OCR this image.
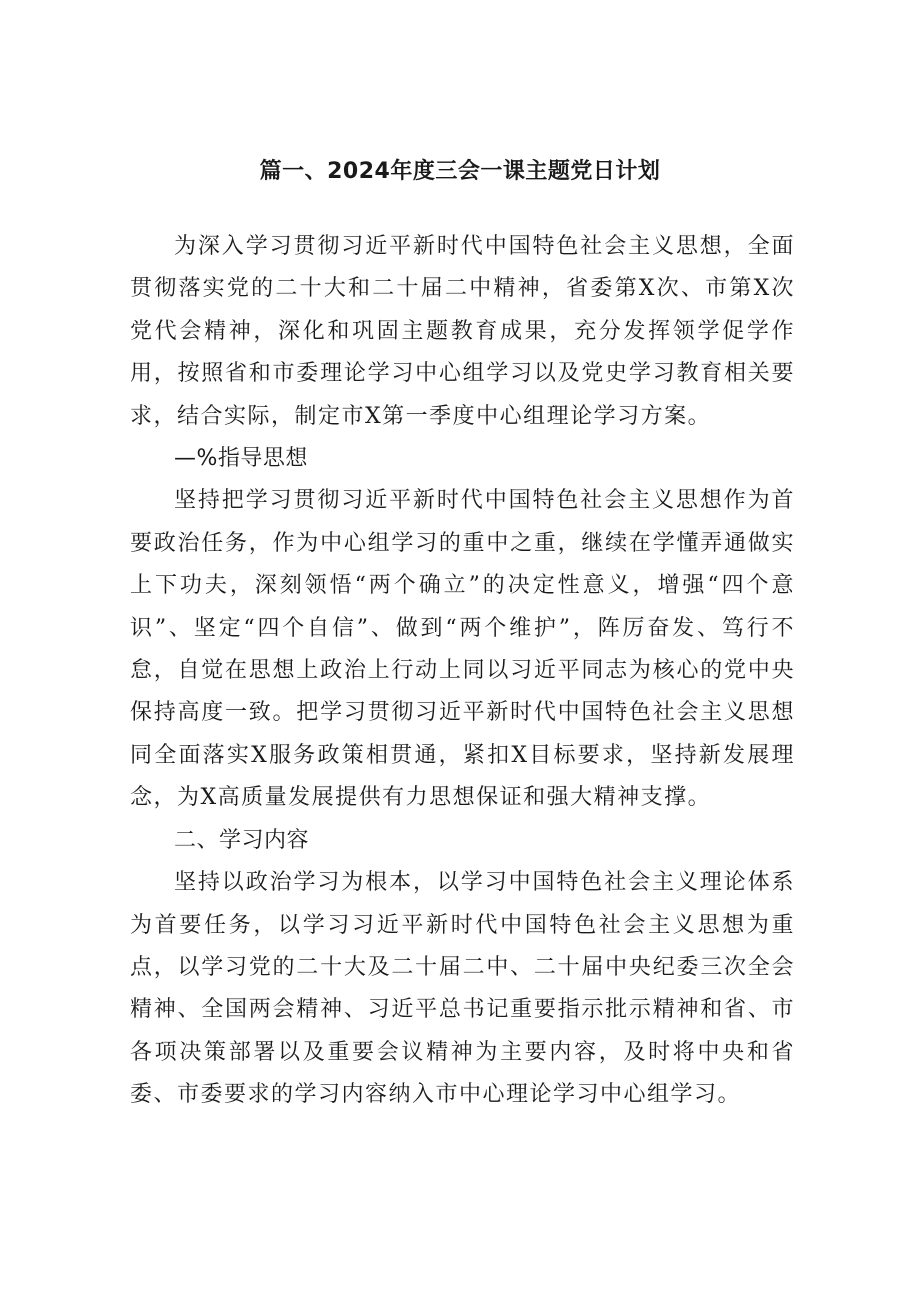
篇一、2024年度三会一课主题党日计划

为深入学习贯彻习近平新时代中国特色社会主义思想，全面贯彻落实党的二十大和二十届二中精神，省委第X次、市第X次党代会精神，深化和巩固主题教育成果，充分发挥领学促学作用，按照省和市委理论学习中心组学习以及党史学习教育相关要求，结合实际，制定市X第一季度中心组理论学习方案。

—%指导思想

坚持把学习贯彻习近平新时代中国特色社会主义思想作为首要政治任务，作为中心组学习的重中之重，继续在学懂弄通做实上下功夫，深刻领悟“两个确立”的决定性意义，增强“四个意识”、坚定“四个自信”、做到“两个维护”，阵厉奋发、笃行不怠，自觉在思想上政治上行动上同以习近平同志为核心的党中央保持高度一致。把学习贯彻习近平新时代中国特色社会主义思想同全面落实X服务政策相贯通，紧扣X目标要求，坚持新发展理念，为X高质量发展提供有力思想保证和强大精神支撑。

二、学习内容

坚持以政治学习为根本，以学习中国特色社会主义理论体系为首要任务，以学习习近平新时代中国特色社会主义思想为重点，以学习党的二十大及二十届二中、二十届中央纪委三次全会精神、全国两会精神、习近平总书记重要指示批示精神和省、市各项决策部署以及重要会议精神为主要内容，及时将中央和省委、市委要求的学习内容纳入市中心理论学习中心组学习。
